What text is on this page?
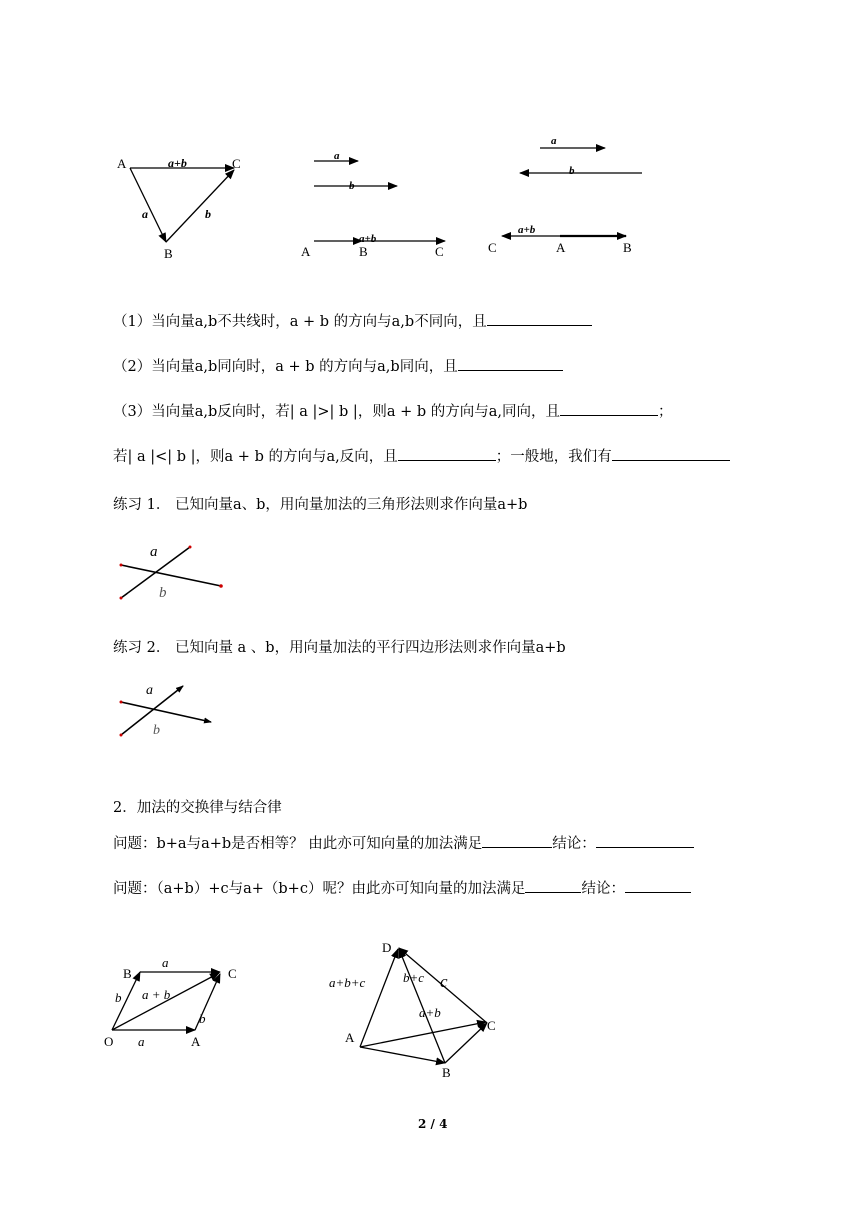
A
B
C
a+b
a	b
a
b
a+b
A	B	C
a
b
a+b
C	A	B
（1）当向量a,b不共线时，a + b 的方向与a,b不同向，且
（2）当向量a,b同向时，a + b 的方向与a,b同向，且
（3）当向量a,b反向时，若| a |>| b |，则a + b 的方向与a,同向，且	；
若| a |<| b |，则a + b 的方向与a,反向，且	；一般地，我们有
练习 1． 已知向量a、b，用向量加法的三角形法则求作向量a+b
a
b
练习 2． 已知向量 a 、b，用向量加法的平行四边形法则求作向量a+b
a
b
2．加法的交换律与结合律
问题：b+a与a+b是否相等？ 由此亦可知向量的加法满足	结论：
问题：（a+b）+c与a+（b+c）呢？由此亦可知向量的加法满足	结论：
O	A
B	C
a
a
b
b
a + b
D
C
A
B
a+b+c	b+c c
a+b
2 / 4
